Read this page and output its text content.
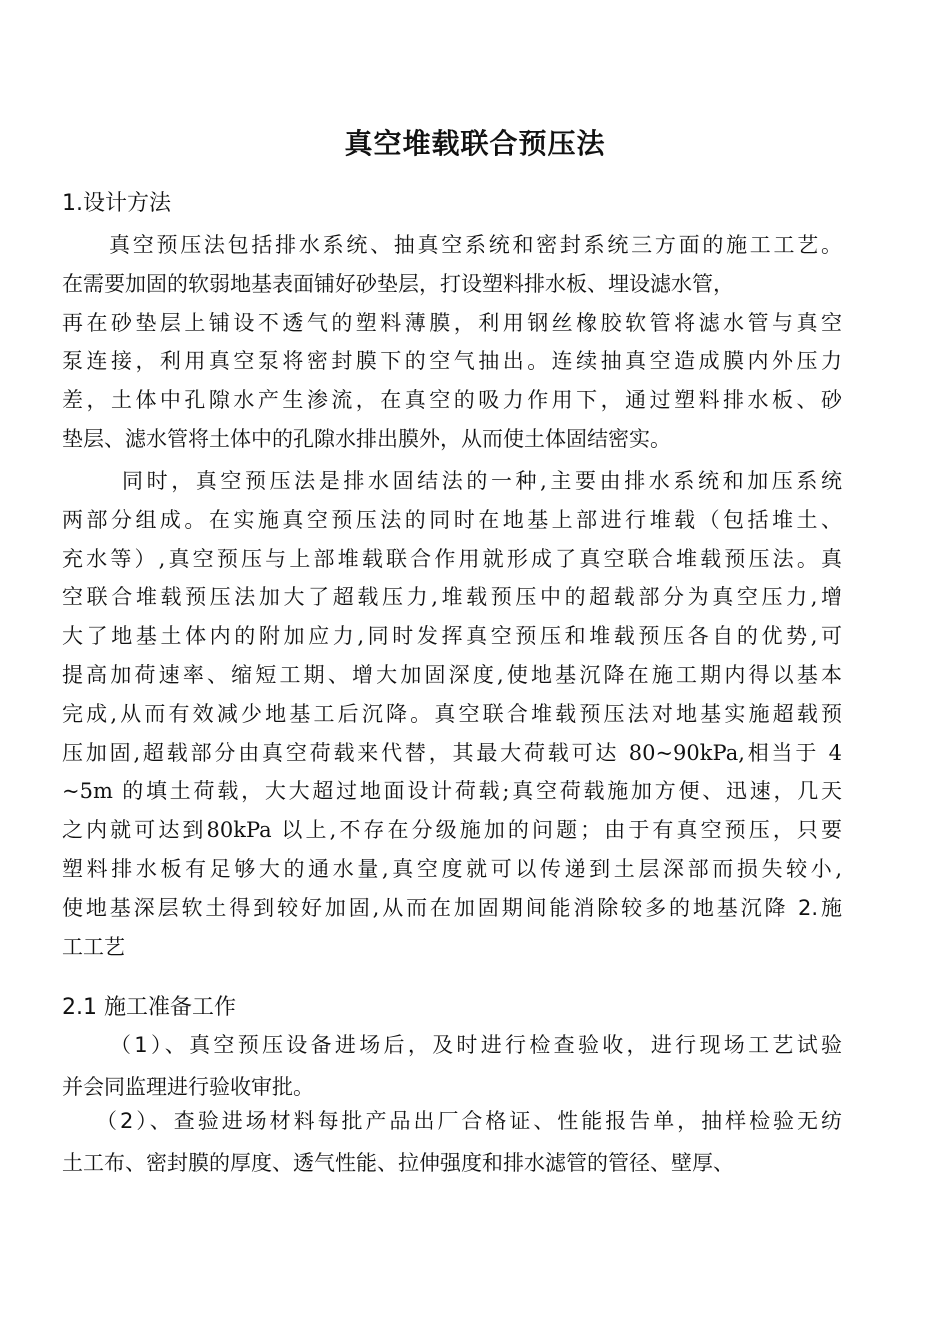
真空堆载联合预压法
1.设计方法
真空预压法包括排水系统、抽真空系统和密封系统三方面的施工工艺。
在需要加固的软弱地基表面铺好砂垫层，打设塑料排水板、埋设滤水管，
再在砂垫层上铺设不透气的塑料薄膜，利用钢丝橡胶软管将滤水管与真空
泵连接，利用真空泵将密封膜下的空气抽出。连续抽真空造成膜内外压力
差，土体中孔隙水产生渗流，在真空的吸力作用下，通过塑料排水板、砂
垫层、滤水管将土体中的孔隙水排出膜外，从而使土体固结密实。
同时，真空预压法是排水固结法的一种,主要由排水系统和加压系统
两部分组成。在实施真空预压法的同时在地基上部进行堆载（包括堆土、
充水等）,真空预压与上部堆载联合作用就形成了真空联合堆载预压法。真
空联合堆载预压法加大了超载压力,堆载预压中的超载部分为真空压力,增
大了地基土体内的附加应力,同时发挥真空预压和堆载预压各自的优势,可
提高加荷速率、缩短工期、增大加固深度,使地基沉降在施工期内得以基本
完成,从而有效减少地基工后沉降。真空联合堆载预压法对地基实施超载预
压加固,超载部分由真空荷载来代替，其最大荷载可达 80~90kPa,相当于 4
~5m 的填土荷载，大大超过地面设计荷载;真空荷载施加方便、迅速，几天
之内就可达到80kPa 以上,不存在分级施加的问题；由于有真空预压，只要
塑料排水板有足够大的通水量,真空度就可以传递到土层深部而损失较小,
使地基深层软土得到较好加固,从而在加固期间能消除较多的地基沉降 2.施
工工艺
2.1 施工准备工作
（1）、真空预压设备进场后，及时进行检查验收，进行现场工艺试验
并会同监理进行验收审批。
（2）、查验进场材料每批产品出厂合格证、性能报告单，抽样检验无纺
土工布、密封膜的厚度、透气性能、拉伸强度和排水滤管的管径、壁厚、
